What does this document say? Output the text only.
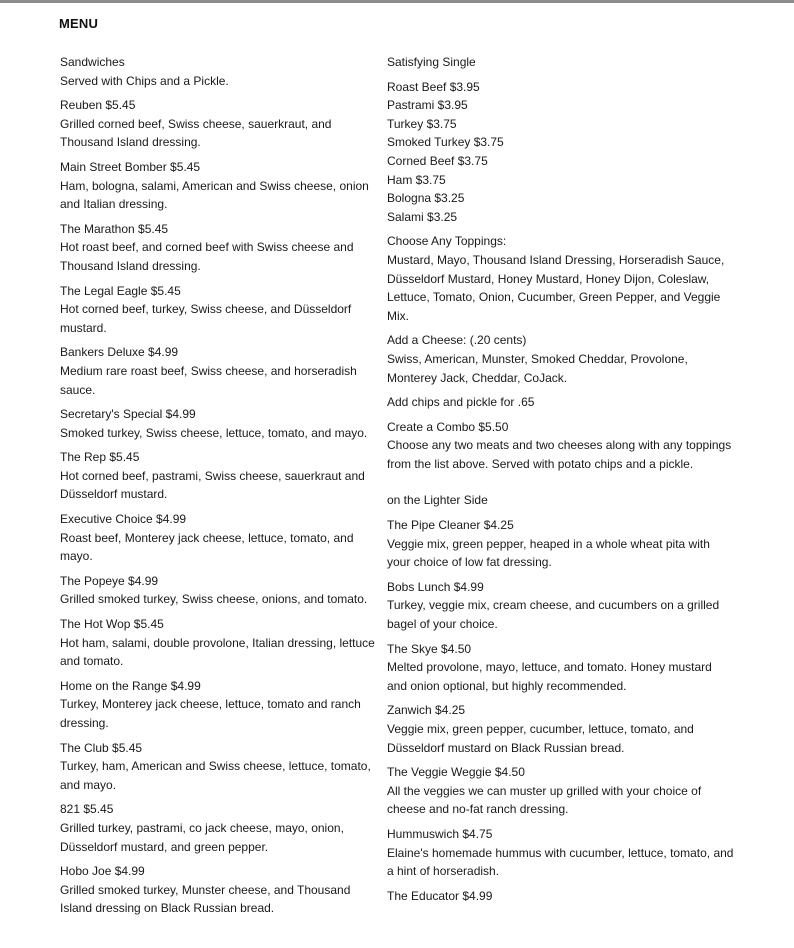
MENU
Sandwiches
Served with Chips and a Pickle.
Reuben $5.45
Grilled corned beef, Swiss cheese, sauerkraut, and
Thousand Island dressing.
Main Street Bomber $5.45
Ham, bologna, salami, American and Swiss cheese, onion
and Italian dressing.
The Marathon $5.45
Hot roast beef, and corned beef with Swiss cheese and
Thousand Island dressing.
The Legal Eagle $5.45
Hot corned beef, turkey, Swiss cheese, and Düsseldorf
mustard.
Bankers Deluxe $4.99
Medium rare roast beef, Swiss cheese, and horseradish
sauce.
Secretary's Special $4.99
Smoked turkey, Swiss cheese, lettuce, tomato, and mayo.
The Rep $5.45
Hot corned beef, pastrami, Swiss cheese, sauerkraut and
Düsseldorf mustard.
Executive Choice $4.99
Roast beef, Monterey jack cheese, lettuce, tomato, and
mayo.
The Popeye $4.99
Grilled smoked turkey, Swiss cheese, onions, and tomato.
The Hot Wop $5.45
Hot ham, salami, double provolone, Italian dressing, lettuce
and tomato.
Home on the Range $4.99
Turkey, Monterey jack cheese, lettuce, tomato and ranch
dressing.
The Club $5.45
Turkey, ham, American and Swiss cheese, lettuce, tomato,
and mayo.
821 $5.45
Grilled turkey, pastrami, co jack cheese, mayo, onion,
Düsseldorf mustard, and green pepper.
Hobo Joe $4.99
Grilled smoked turkey, Munster cheese, and Thousand
Island dressing on Black Russian bread.
Satisfying Single
Roast Beef $3.95
Pastrami $3.95
Turkey $3.75
Smoked Turkey $3.75
Corned Beef $3.75
Ham $3.75
Bologna $3.25
Salami $3.25
Choose Any Toppings:
Mustard, Mayo, Thousand Island Dressing, Horseradish Sauce,
Düsseldorf Mustard, Honey Mustard, Honey Dijon, Coleslaw,
Lettuce, Tomato, Onion, Cucumber, Green Pepper, and Veggie
Mix.
Add a Cheese: (.20 cents)
Swiss, American, Munster, Smoked Cheddar, Provolone,
Monterey Jack, Cheddar, CoJack.
Add chips and pickle for .65
Create a Combo $5.50
Choose any two meats and two cheeses along with any toppings
from the list above. Served with potato chips and a pickle.
on the Lighter Side
The Pipe Cleaner $4.25
Veggie mix, green pepper, heaped in a whole wheat pita with
your choice of low fat dressing.
Bobs Lunch $4.99
Turkey, veggie mix, cream cheese, and cucumbers on a grilled
bagel of your choice.
The Skye $4.50
Melted provolone, mayo, lettuce, and tomato. Honey mustard
and onion optional, but highly recommended.
Zanwich $4.25
Veggie mix, green pepper, cucumber, lettuce, tomato, and
Düsseldorf mustard on Black Russian bread.
The Veggie Weggie $4.50
All the veggies we can muster up grilled with your choice of
cheese and no-fat ranch dressing.
Hummuswich $4.75
Elaine's homemade hummus with cucumber, lettuce, tomato, and
a hint of horseradish.
The Educator $4.99
